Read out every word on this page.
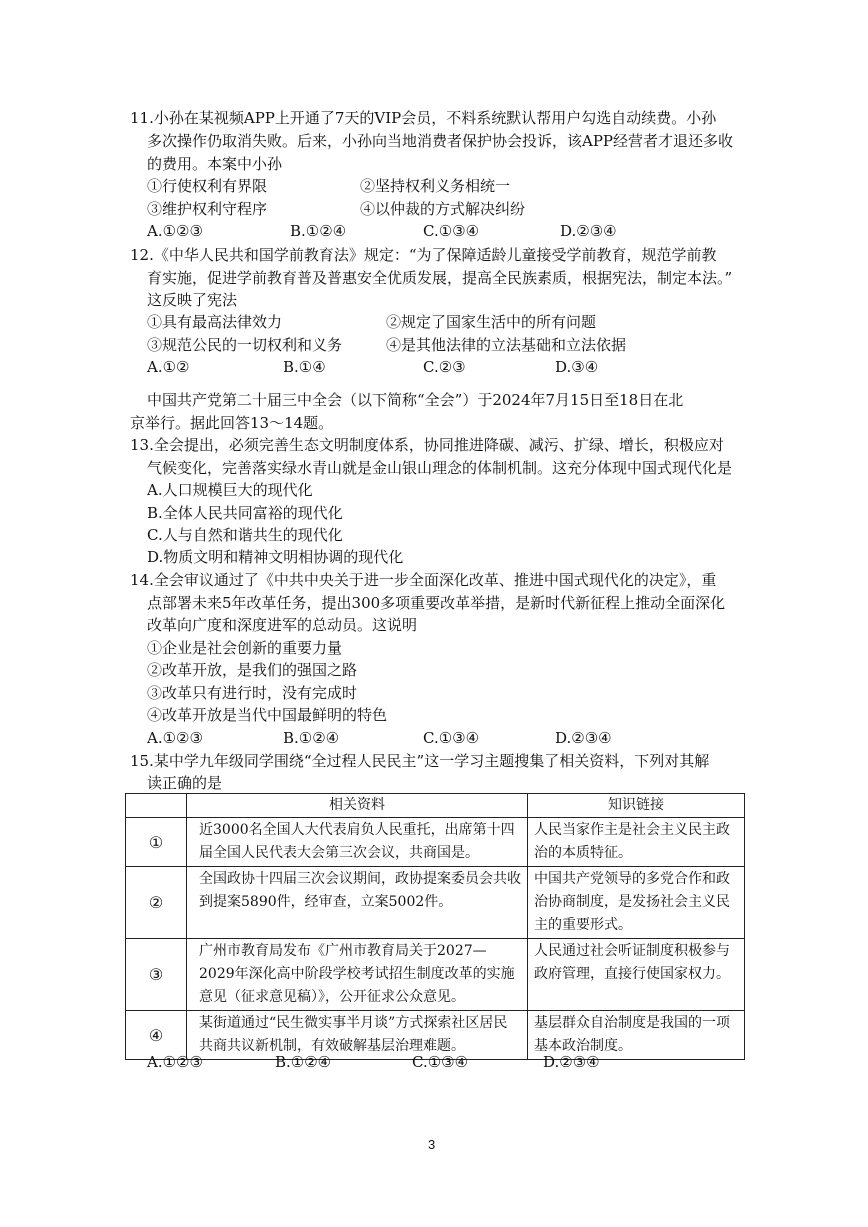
11.小孙在某视频APP上开通了7天的VIP会员，不料系统默认帮用户勾选自动续费。小孙
多次操作仍取消失败。后来，小孙向当地消费者保护协会投诉，该APP经营者才退还多收
的费用。本案中小孙
①行使权利有界限	②坚持权利义务相统一
③维护权利守程序	④以仲裁的方式解决纠纷
A.①②③	B.①②④	C.①③④	D.②③④
12.《中华人民共和国学前教育法》规定：“为了保障适龄儿童接受学前教育，规范学前教
育实施，促进学前教育普及普惠安全优质发展，提高全民族素质，根据宪法，制定本法。”
这反映了宪法
①具有最高法律效力	②规定了国家生活中的所有问题
③规范公民的一切权利和义务	④是其他法律的立法基础和立法依据
A.①②	B.①④	C.②③	D.③④
中国共产党第二十届三中全会（以下简称“全会”）于2024年7月15日至18日在北
京举行。据此回答13～14题。
13.全会提出，必须完善生态文明制度体系，协同推进降碳、减污、扩绿、增长，积极应对
气候变化，完善落实绿水青山就是金山银山理念的体制机制。这充分体现中国式现代化是
A.人口规模巨大的现代化
B.全体人民共同富裕的现代化
C.人与自然和谐共生的现代化
D.物质文明和精神文明相协调的现代化
14.全会审议通过了《中共中央关于进一步全面深化改革、推进中国式现代化的决定》，重
点部署未来5年改革任务，提出300多项重要改革举措，是新时代新征程上推动全面深化
改革向广度和深度进军的总动员。这说明
①企业是社会创新的重要力量
②改革开放，是我们的强国之路
③改革只有进行时，没有完成时
④改革开放是当代中国最鲜明的特色
A.①②③	B.①②④	C.①③④	D.②③④
15.某中学九年级同学围绕“全过程人民民主”这一学习主题搜集了相关资料，下列对其解
读正确的是
	相关资料	知识链接
①	近3000名全国人大代表肩负人民重托，出席第十四届全国人民代表大会第三次会议，共商国是。	人民当家作主是社会主义民主政治的本质特征。
②	全国政协十四届三次会议期间，政协提案委员会共收到提案5890件，经审查，立案5002件。	中国共产党领导的多党合作和政治协商制度，是发扬社会主义民主的重要形式。
③	广州市教育局发布《广州市教育局关于2027—2029年深化高中阶段学校考试招生制度改革的实施意见（征求意见稿）》，公开征求公众意见。	人民通过社会听证制度积极参与政府管理，直接行使国家权力。
④	某街道通过“民生微实事半月谈”方式探索社区居民共商共议新机制，有效破解基层治理难题。	基层群众自治制度是我国的一项基本政治制度。
A.①②③	B.①②④	C.①③④	D.②③④
3
